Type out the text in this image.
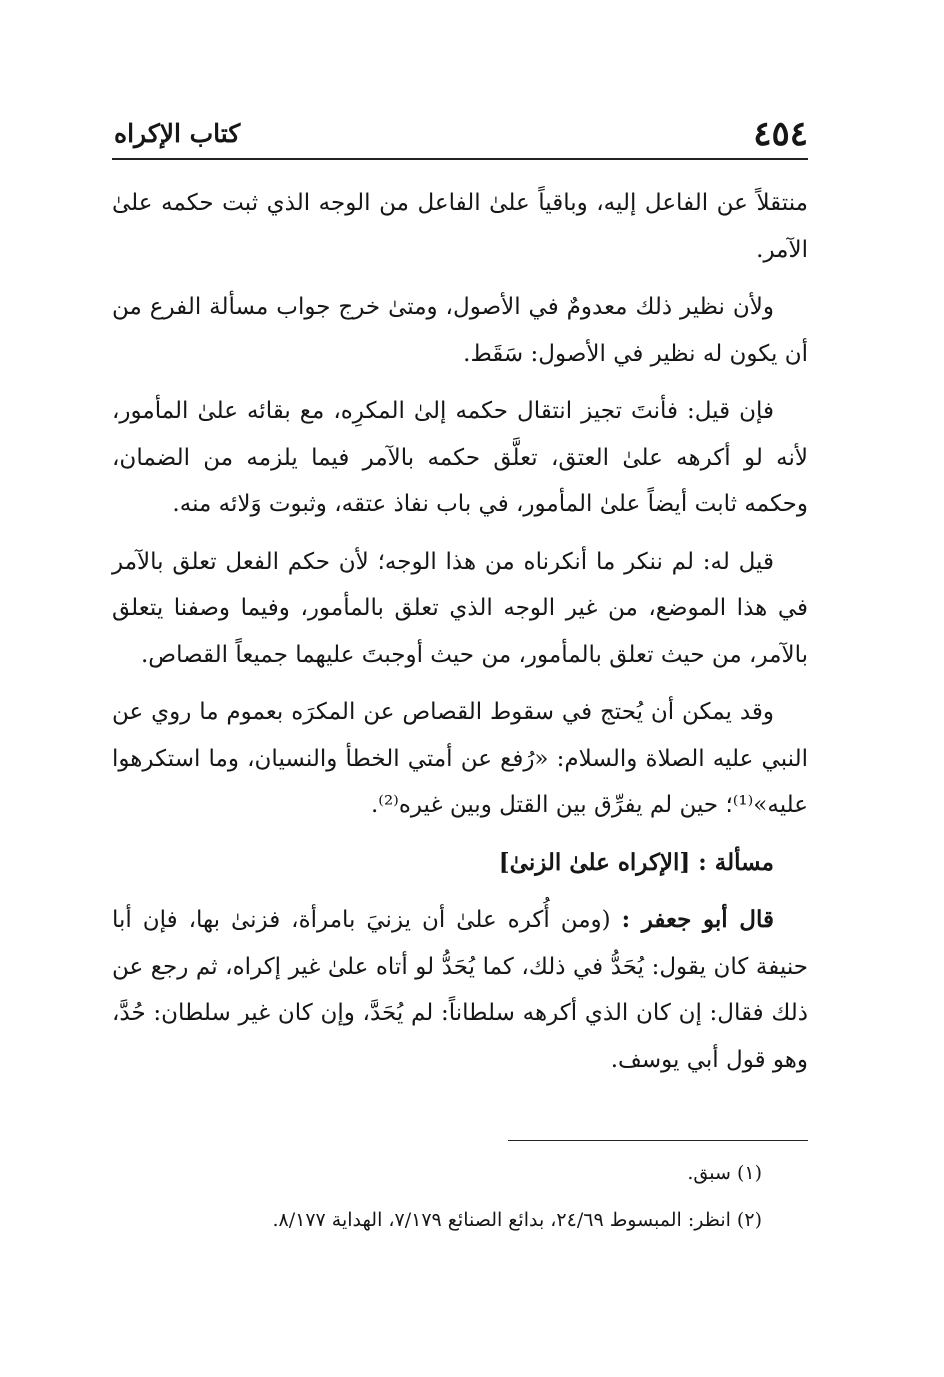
٤٥٤
كتاب الإكراه

منتقلاً عن الفاعل إليه، وباقياً علىٰ الفاعل من الوجه الذي ثبت حكمه علىٰ الآمر.

ولأن نظير ذلك معدومٌ في الأصول، ومتىٰ خرج جواب مسألة الفرع من أن يكون له نظير في الأصول: سَقَط.

فإن قيل: فأنتَ تجيز انتقال حكمه إلىٰ المكرِه، مع بقائه علىٰ المأمور، لأنه لو أكرهه علىٰ العتق، تعلَّق حكمه بالآمر فيما يلزمه من الضمان، وحكمه ثابت أيضاً علىٰ المأمور، في باب نفاذ عتقه، وثبوت وَلائه منه.

قيل له: لم ننكر ما أنكرناه من هذا الوجه؛ لأن حكم الفعل تعلق بالآمر في هذا الموضع، من غير الوجه الذي تعلق بالمأمور، وفيما وصفنا يتعلق بالآمر، من حيث تعلق بالمأمور، من حيث أوجبتَ عليهما جميعاً القصاص.

وقد يمكن أن يُحتج في سقوط القصاص عن المكرَه بعموم ما روي عن النبي عليه الصلاة والسلام: «رُفع عن أمتي الخطأ والنسيان، وما استكرهوا عليه»⁽¹⁾؛ حين لم يفرِّق بين القتل وبين غيره⁽²⁾.

مسألة : [الإكراه علىٰ الزنىٰ]

قال أبو جعفر : (ومن أُكره علىٰ أن يزنيَ بامرأة، فزنىٰ بها، فإن أبا حنيفة كان يقول: يُحَدُّ في ذلك، كما يُحَدُّ لو أتاه علىٰ غير إكراه، ثم رجع عن ذلك فقال: إن كان الذي أكرهه سلطاناً: لم يُحَدَّ، وإن كان غير سلطان: حُدَّ، وهو قول أبي يوسف.

(١) سبق.
(٢) انظر: المبسوط ٢٤/٦٩، بدائع الصنائع ٧/١٧٩، الهداية ٨/١٧٧.
